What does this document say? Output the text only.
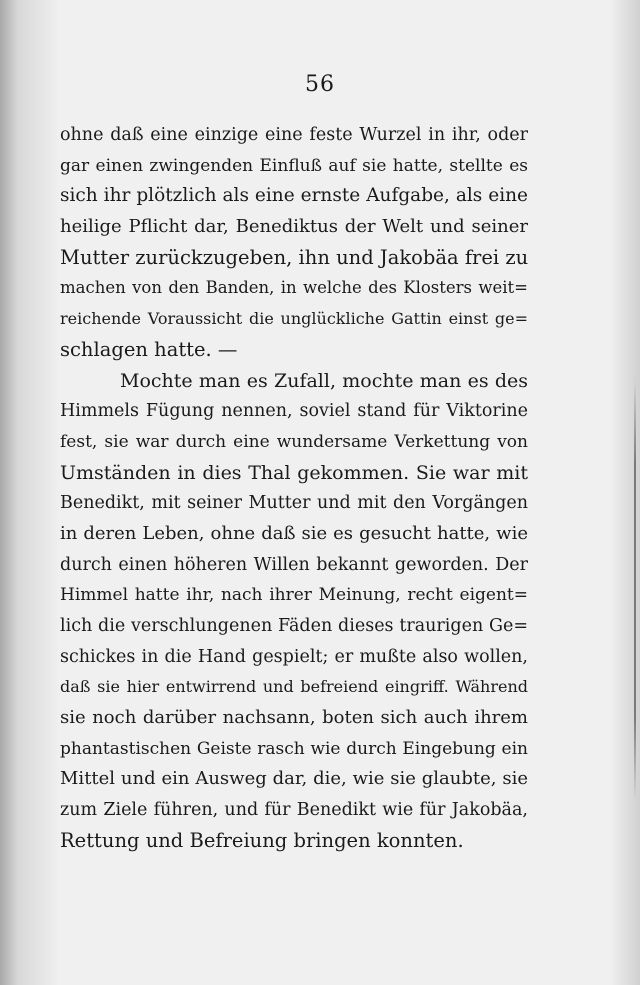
56
ohne daß eine einzige eine feste Wurzel in ihr, oder
gar einen zwingenden Einfluß auf sie hatte, stellte es
sich ihr plötzlich als eine ernste Aufgabe, als eine
heilige Pflicht dar, Benediktus der Welt und seiner
Mutter zurückzugeben, ihn und Jakobäa frei zu
machen von den Banden, in welche des Klosters weit=
reichende Voraussicht die unglückliche Gattin einst ge=
schlagen hatte. —
Mochte man es Zufall, mochte man es des
Himmels Fügung nennen, soviel stand für Viktorine
fest, sie war durch eine wundersame Verkettung von
Umständen in dies Thal gekommen. Sie war mit
Benedikt, mit seiner Mutter und mit den Vorgängen
in deren Leben, ohne daß sie es gesucht hatte, wie
durch einen höheren Willen bekannt geworden. Der
Himmel hatte ihr, nach ihrer Meinung, recht eigent=
lich die verschlungenen Fäden dieses traurigen Ge=
schickes in die Hand gespielt; er mußte also wollen,
daß sie hier entwirrend und befreiend eingriff. Während
sie noch darüber nachsann, boten sich auch ihrem
phantastischen Geiste rasch wie durch Eingebung ein
Mittel und ein Ausweg dar, die, wie sie glaubte, sie
zum Ziele führen, und für Benedikt wie für Jakobäa,
Rettung und Befreiung bringen konnten.
